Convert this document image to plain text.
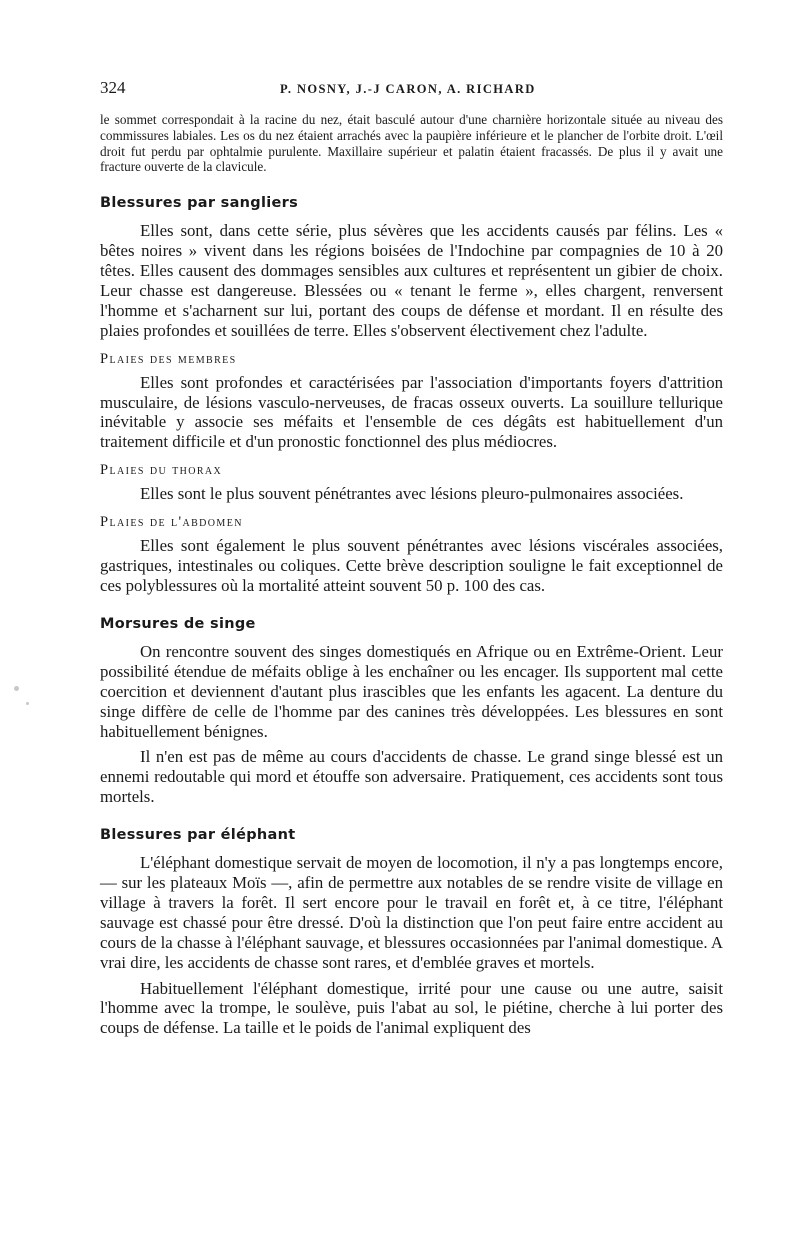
324	P. NOSNY, J.-J CARON, A. RICHARD

le sommet correspondait à la racine du nez, était basculé autour d'une charnière horizontale située au niveau des commissures labiales. Les os du nez étaient arrachés avec la paupière inférieure et le plancher de l'orbite droit. L'œil droit fut perdu par ophtalmie purulente. Maxillaire supérieur et palatin étaient fracassés. De plus il y avait une fracture ouverte de la clavicule.

Blessures par sangliers

Elles sont, dans cette série, plus sévères que les accidents causés par félins. Les « bêtes noires » vivent dans les régions boisées de l'Indochine par compagnies de 10 à 20 têtes. Elles causent des dommages sensibles aux cultures et représentent un gibier de choix. Leur chasse est dangereuse. Blessées ou « tenant le ferme », elles chargent, renversent l'homme et s'acharnent sur lui, portant des coups de défense et mordant. Il en résulte des plaies profondes et souillées de terre. Elles s'observent électivement chez l'adulte.

Plaies des membres

Elles sont profondes et caractérisées par l'association d'importants foyers d'attrition musculaire, de lésions vasculo-nerveuses, de fracas osseux ouverts. La souillure tellurique inévitable y associe ses méfaits et l'ensemble de ces dégâts est habituellement d'un traitement difficile et d'un pronostic fonctionnel des plus médiocres.

Plaies du thorax

Elles sont le plus souvent pénétrantes avec lésions pleuro-pulmonaires associées.

Plaies de l'abdomen

Elles sont également le plus souvent pénétrantes avec lésions viscérales associées, gastriques, intestinales ou coliques. Cette brève description souligne le fait exceptionnel de ces polyblessures où la mortalité atteint souvent 50 p. 100 des cas.

Morsures de singe

On rencontre souvent des singes domestiqués en Afrique ou en Extrême-Orient. Leur possibilité étendue de méfaits oblige à les enchaîner ou les encager. Ils supportent mal cette coercition et deviennent d'autant plus irascibles que les enfants les agacent. La denture du singe diffère de celle de l'homme par des canines très développées. Les blessures en sont habituellement bénignes.

Il n'en est pas de même au cours d'accidents de chasse. Le grand singe blessé est un ennemi redoutable qui mord et étouffe son adversaire. Pratiquement, ces accidents sont tous mortels.

Blessures par éléphant

L'éléphant domestique servait de moyen de locomotion, il n'y a pas longtemps encore, — sur les plateaux Moïs —, afin de permettre aux notables de se rendre visite de village en village à travers la forêt. Il sert encore pour le travail en forêt et, à ce titre, l'éléphant sauvage est chassé pour être dressé. D'où la distinction que l'on peut faire entre accident au cours de la chasse à l'éléphant sauvage, et blessures occasionnées par l'animal domestique. A vrai dire, les accidents de chasse sont rares, et d'emblée graves et mortels.

Habituellement l'éléphant domestique, irrité pour une cause ou une autre, saisit l'homme avec la trompe, le soulève, puis l'abat au sol, le piétine, cherche à lui porter des coups de défense. La taille et le poids de l'animal expliquent des
